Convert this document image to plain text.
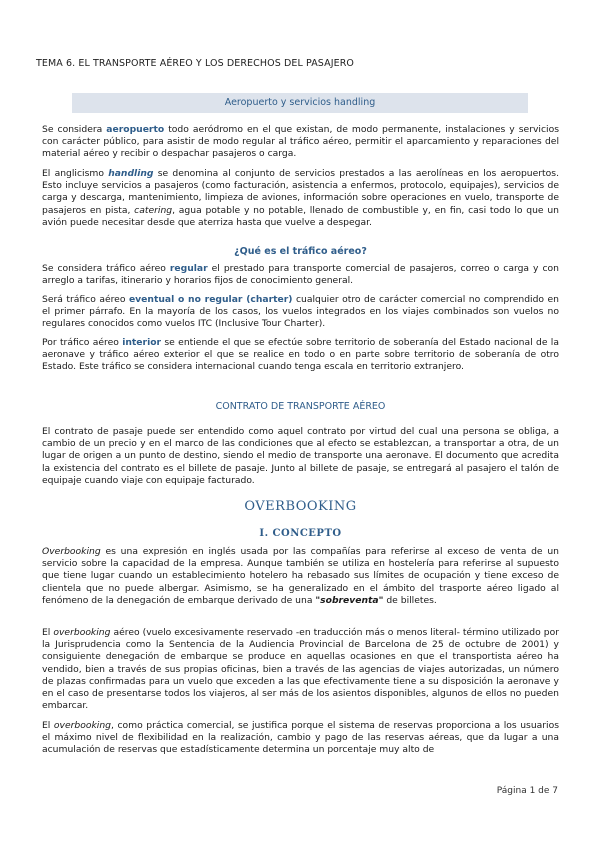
TEMA 6. EL TRANSPORTE AÉREO Y LOS DERECHOS DEL PASAJERO
Aeropuerto y servicios handling

Se considera aeropuerto todo aeródromo en el que existan, de modo permanente, instalaciones y servicios con carácter público, para asistir de modo regular al tráfico aéreo, permitir el aparcamiento y reparaciones del material aéreo y recibir o despachar pasajeros o carga.

El anglicismo handling se denomina al conjunto de servicios prestados a las aerolíneas en los aeropuertos. Esto incluye servicios a pasajeros (como facturación, asistencia a enfermos, protocolo, equipajes), servicios de carga y descarga, mantenimiento, limpieza de aviones, información sobre operaciones en vuelo, transporte de pasajeros en pista, catering, agua potable y no potable, llenado de combustible y, en fin, casi todo lo que un avión puede necesitar desde que aterriza hasta que vuelve a despegar.

¿Qué es el tráfico aéreo?

Se considera tráfico aéreo regular el prestado para transporte comercial de pasajeros, correo o carga y con arreglo a tarifas, itinerario y horarios fijos de conocimiento general.

Será tráfico aéreo eventual o no regular (charter) cualquier otro de carácter comercial no comprendido en el primer párrafo. En la mayoría de los casos, los vuelos integrados en los viajes combinados son vuelos no regulares conocidos como vuelos ITC (Inclusive Tour Charter).

Por tráfico aéreo interior se entiende el que se efectúe sobre territorio de soberanía del Estado nacional de la aeronave y tráfico aéreo exterior el que se realice en todo o en parte sobre territorio de soberanía de otro Estado. Este tráfico se considera internacional cuando tenga escala en territorio extranjero.

CONTRATO DE TRANSPORTE AÉREO

El contrato de pasaje puede ser entendido como aquel contrato por virtud del cual una persona se obliga, a cambio de un precio y en el marco de las condiciones que al efecto se establezcan, a transportar a otra, de un lugar de origen a un punto de destino, siendo el medio de transporte una aeronave. El documento que acredita la existencia del contrato es el billete de pasaje. Junto al billete de pasaje, se entregará al pasajero el talón de equipaje cuando viaje con equipaje facturado.

OVERBOOKING
I. CONCEPTO

Overbooking es una expresión en inglés usada por las compañías para referirse al exceso de venta de un servicio sobre la capacidad de la empresa. Aunque también se utiliza en hostelería para referirse al supuesto que tiene lugar cuando un establecimiento hotelero ha rebasado sus límites de ocupación y tiene exceso de clientela que no puede albergar. Asimismo, se ha generalizado en el ámbito del trasporte aéreo ligado al fenómeno de la denegación de embarque derivado de una "sobreventa" de billetes.

El overbooking aéreo (vuelo excesivamente reservado -en traducción más o menos literal- término utilizado por la Jurisprudencia como la Sentencia de la Audiencia Provincial de Barcelona de 25 de octubre de 2001) y consiguiente denegación de embarque se produce en aquellas ocasiones en que el transportista aéreo ha vendido, bien a través de sus propias oficinas, bien a través de las agencias de viajes autorizadas, un número de plazas confirmadas para un vuelo que exceden a las que efectivamente tiene a su disposición la aeronave y en el caso de presentarse todos los viajeros, al ser más de los asientos disponibles, algunos de ellos no pueden embarcar.

El overbooking, como práctica comercial, se justifica porque el sistema de reservas proporciona a los usuarios el máximo nivel de flexibilidad en la realización, cambio y pago de las reservas aéreas, que da lugar a una acumulación de reservas que estadísticamente determina un porcentaje muy alto de

Página 1 de 7
